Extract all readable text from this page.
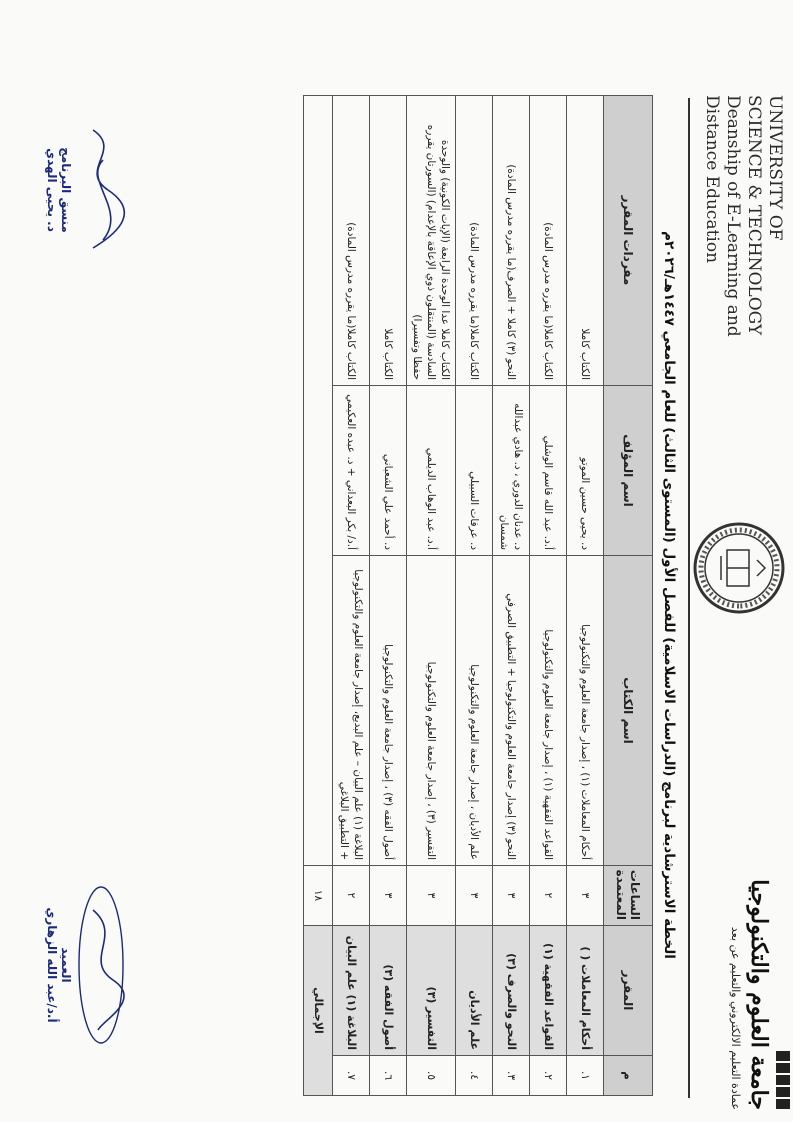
UNIVERSITY OF
SCIENCE & TECHNOLOGY
Deanship of E-Learning and
Distance Education
جامعة العلوم والتكنولوجيا
عمادة التعليم الالكتروني والتعليم عن بعد
الخطة الاسترشادية لبرنامج (الدراسات الاسلامية) للفصل الأول (المستوى الثالث) للعام الجامعي ١٤٤٧هـ/٢٠٢٦م
م	المقرر	الساعات المعتمدة	اسم الكتاب	اسم المؤلف	مفردات المقرر
١.	أحكام المعاملات ( )	٣	أحكام المعاملات (١) ، إصدار جامعة العلوم والتكنولوجيا	د. يحيى حسين الموتو	الكتاب كاملا
٢.	القواعد الفقهية (١)	٢	القواعد الفقهية (١) ، إصدار جامعة العلوم والتكنولوجيا	أ.د. عبد الله قاسم الوشلي	الكتاب كاملا(ما يقرره مدرس المادة)
٣.	النحو والصرف (٣)	٣	النحو (٣) إصدار جامعة العلوم والتكنولوجيا + التطبيق الصرفي	د. عدنان الدوري ، د. هادي عبدالله شمسان	النحو (٣) كاملا + الصرف(ما يقرره مدرس المادة)
٤.	علم الأديان	٣	علم الأديان ، إصدار جامعة العلوم والتكنولوجيا	د. عرفات السبيلي	الكتاب كاملا(ما يقرره مدرس المادة)
٥.	التفسير (٣)	٣	التفسير (٣) ، إصدار جامعة العلوم والتكنولوجيا	أ.د. عبد الوهاب الديلمي	الكتاب كاملا عدا الوحدة الرابعة (الإيات الكونية) والوحدة السادسة (المنتقلون ذوي الإعاقة بالإعدام) (السورتان يقرره حفظا وتفسيرا)
٦.	أصول الفقه (٣)	٣	أصول الفقه (٣) ، إصدار جامعة العلوم والتكنولوجيا	د. أحمد علي الشعباني	الكتاب كاملا
٧.	البلاغة (١) علم البيان	٢	البلاغة (١) علم البيان – علم البديع، إصدار جامعة العلوم والتكنولوجيا + التطبيق البلاغي	أ.د/ بكر البعداني + د. عبده العكيمي	الكتاب كاملا(ما يقرره مدرس المادة)
الإجمالي		١٨			
منسق البرنامج
د. يحيى الهدي
العميد
أ.د/عبد الله الزهاري
